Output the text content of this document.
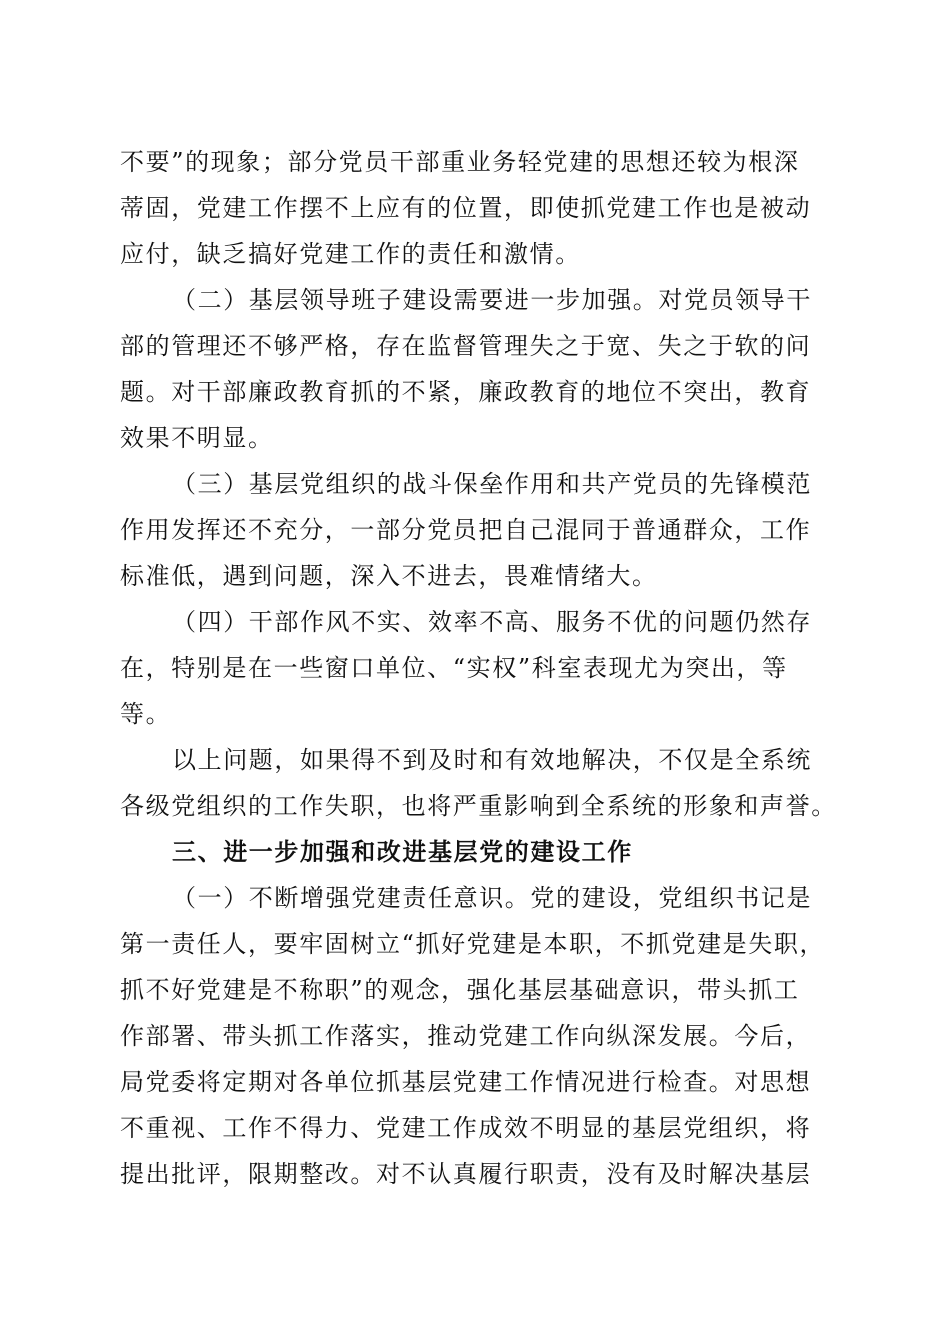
不要”的现象；部分党员干部重业务轻党建的思想还较为根深
蒂固，党建工作摆不上应有的位置，即使抓党建工作也是被动
应付，缺乏搞好党建工作的责任和激情。
（二）基层领导班子建设需要进一步加强。对党员领导干
部的管理还不够严格，存在监督管理失之于宽、失之于软的问
题。对干部廉政教育抓的不紧，廉政教育的地位不突出，教育
效果不明显。
（三）基层党组织的战斗保垒作用和共产党员的先锋模范
作用发挥还不充分，一部分党员把自己混同于普通群众，工作
标准低，遇到问题，深入不进去，畏难情绪大。
（四）干部作风不实、效率不高、服务不优的问题仍然存
在，特别是在一些窗口单位、“实权”科室表现尤为突出，等
等。
以上问题，如果得不到及时和有效地解决，不仅是全系统
各级党组织的工作失职，也将严重影响到全系统的形象和声誉。
三、进一步加强和改进基层党的建设工作
（一）不断增强党建责任意识。党的建设，党组织书记是
第一责任人，要牢固树立“抓好党建是本职，不抓党建是失职，
抓不好党建是不称职”的观念，强化基层基础意识，带头抓工
作部署、带头抓工作落实，推动党建工作向纵深发展。今后，
局党委将定期对各单位抓基层党建工作情况进行检查。对思想
不重视、工作不得力、党建工作成效不明显的基层党组织，将
提出批评，限期整改。对不认真履行职责，没有及时解决基层
